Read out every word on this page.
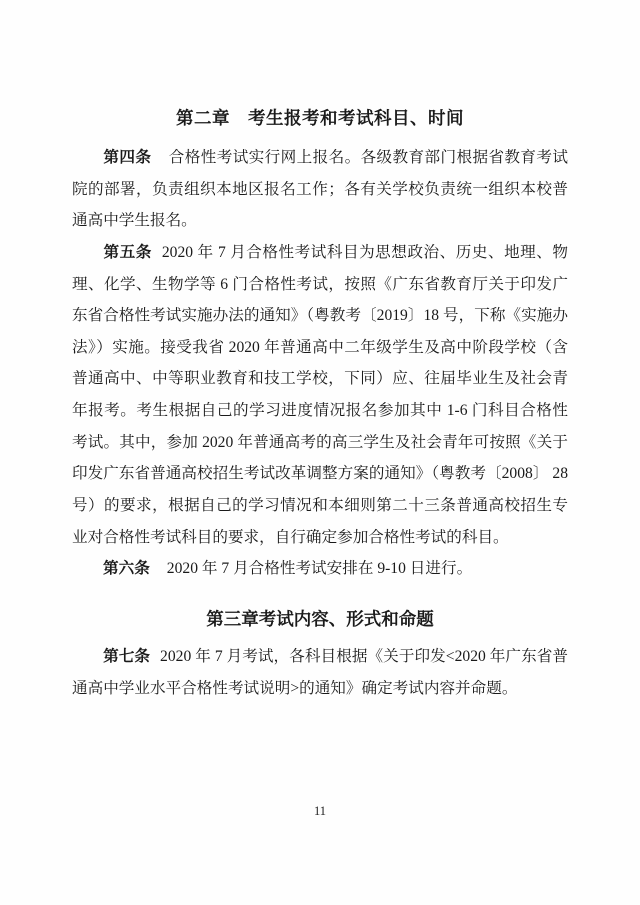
第二章 考生报考和考试科目、时间

第四条 合格性考试实行网上报名。各级教育部门根据省教育考试院的部署，负责组织本地区报名工作；各有关学校负责统一组织本校普通高中学生报名。

第五条 2020 年 7 月合格性考试科目为思想政治、历史、地理、物理、化学、生物学等 6 门合格性考试，按照《广东省教育厅关于印发广东省合格性考试实施办法的通知》（粤教考〔2019〕18 号，下称《实施办法》）实施。接受我省 2020 年普通高中二年级学生及高中阶段学校（含普通高中、中等职业教育和技工学校，下同）应、往届毕业生及社会青年报考。考生根据自己的学习进度情况报名参加其中 1-6 门科目合格性考试。其中，参加 2020 年普通高考的高三学生及社会青年可按照《关于印发广东省普通高校招生考试改革调整方案的通知》（粤教考〔2008〕 28 号）的要求，根据自己的学习情况和本细则第二十三条普通高校招生专业对合格性考试科目的要求，自行确定参加合格性考试的科目。

第六条 2020 年 7 月合格性考试安排在 9-10 日进行。

第三章考试内容、形式和命题

第七条 2020 年 7 月考试，各科目根据《关于印发<2020 年广东省普通高中学业水平合格性考试说明>的通知》确定考试内容并命题。

11
